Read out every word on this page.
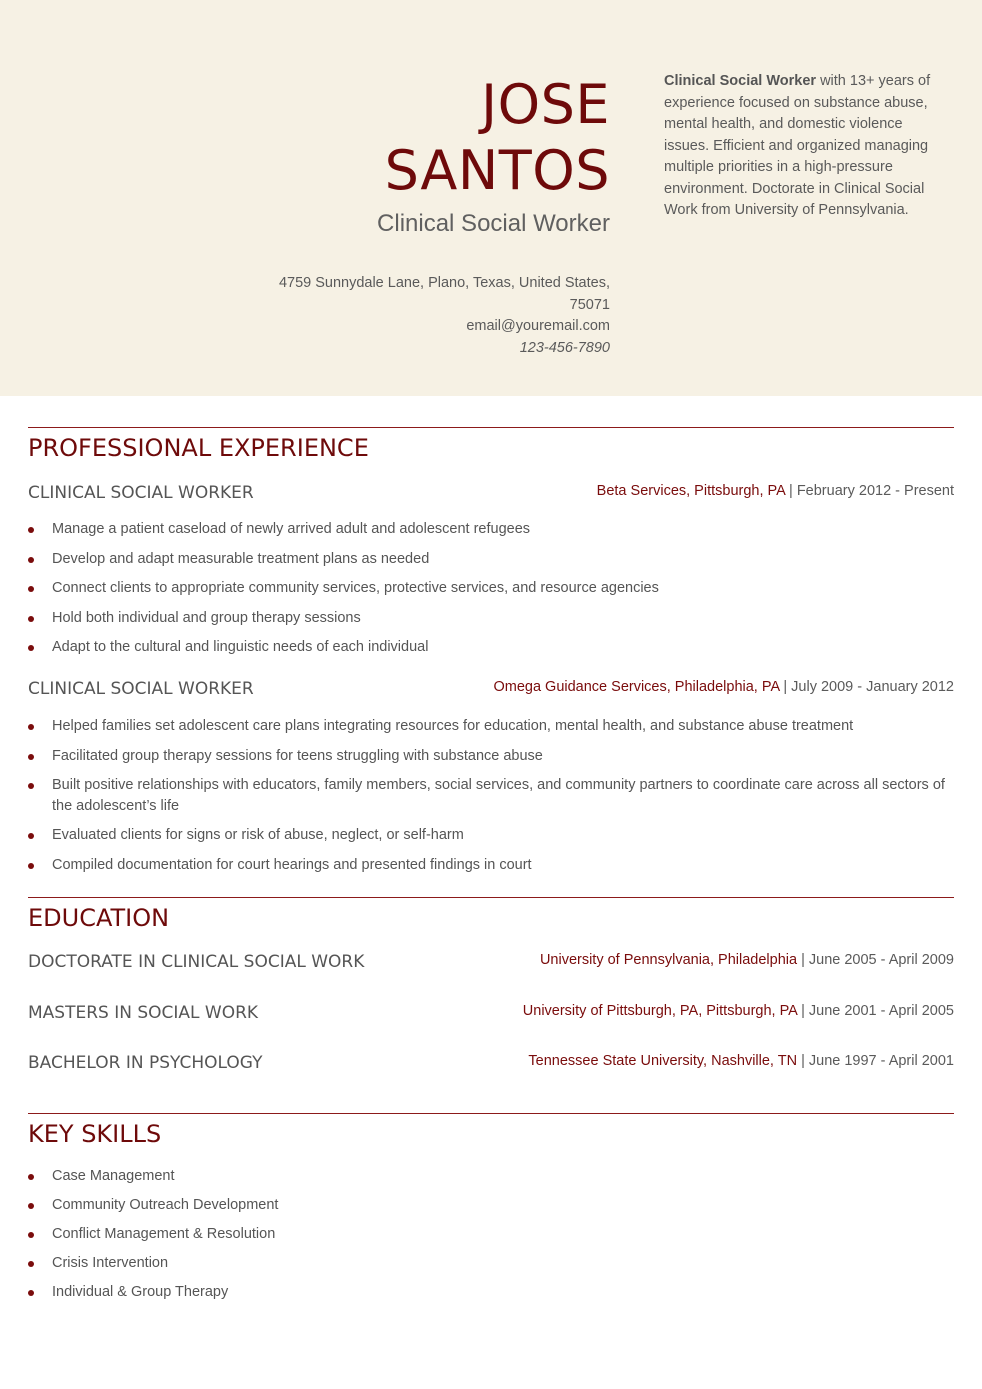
JOSE
SANTOS
Clinical Social Worker
4759 Sunnydale Lane, Plano, Texas, United States,
75071
email@youremail.com
123-456-7890
Clinical Social Worker with 13+ years of experience focused on substance abuse, mental health, and domestic violence issues. Efficient and organized managing multiple priorities in a high-pressure environment. Doctorate in Clinical Social Work from University of Pennsylvania.
PROFESSIONAL EXPERIENCE
CLINICAL SOCIAL WORKER	Beta Services, Pittsburgh, PA | February 2012 - Present
Manage a patient caseload of newly arrived adult and adolescent refugees
Develop and adapt measurable treatment plans as needed
Connect clients to appropriate community services, protective services, and resource agencies
Hold both individual and group therapy sessions
Adapt to the cultural and linguistic needs of each individual
CLINICAL SOCIAL WORKER	Omega Guidance Services, Philadelphia, PA | July 2009 - January 2012
Helped families set adolescent care plans integrating resources for education, mental health, and substance abuse treatment
Facilitated group therapy sessions for teens struggling with substance abuse
Built positive relationships with educators, family members, social services, and community partners to coordinate care across all sectors of the adolescent’s life
Evaluated clients for signs or risk of abuse, neglect, or self-harm
Compiled documentation for court hearings and presented findings in court
EDUCATION
DOCTORATE IN CLINICAL SOCIAL WORK	University of Pennsylvania, Philadelphia | June 2005 - April 2009
MASTERS IN SOCIAL WORK	University of Pittsburgh, PA, Pittsburgh, PA | June 2001 - April 2005
BACHELOR IN PSYCHOLOGY	Tennessee State University, Nashville, TN | June 1997 - April 2001
KEY SKILLS
Case Management
Community Outreach Development
Conflict Management & Resolution
Crisis Intervention
Individual & Group Therapy
